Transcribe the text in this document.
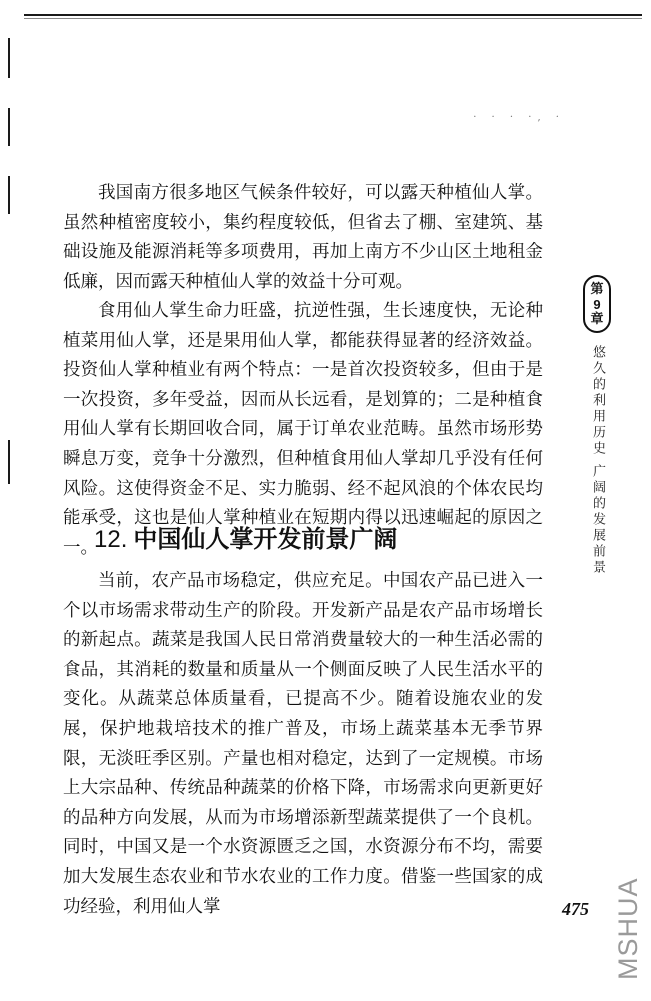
· · · ·, ·

我国南方很多地区气候条件较好，可以露天种植仙人掌。虽然种植密度较小，集约程度较低，但省去了棚、室建筑、基础设施及能源消耗等多项费用，再加上南方不少山区土地租金低廉，因而露天种植仙人掌的效益十分可观。

食用仙人掌生命力旺盛，抗逆性强，生长速度快，无论种植菜用仙人掌，还是果用仙人掌，都能获得显著的经济效益。投资仙人掌种植业有两个特点：一是首次投资较多，但由于是一次投资，多年受益，因而从长远看，是划算的；二是种植食用仙人掌有长期回收合同，属于订单农业范畴。虽然市场形势瞬息万变，竞争十分激烈，但种植食用仙人掌却几乎没有任何风险。这使得资金不足、实力脆弱、经不起风浪的个体农民均能承受，这也是仙人掌种植业在短期内得以迅速崛起的原因之一。

12. 中国仙人掌开发前景广阔

当前，农产品市场稳定，供应充足。中国农产品已进入一个以市场需求带动生产的阶段。开发新产品是农产品市场增长的新起点。蔬菜是我国人民日常消费量较大的一种生活必需的食品，其消耗的数量和质量从一个侧面反映了人民生活水平的变化。从蔬菜总体质量看，已提高不少。随着设施农业的发展，保护地栽培技术的推广普及，市场上蔬菜基本无季节界限，无淡旺季区别。产量也相对稳定，达到了一定规模。市场上大宗品种、传统品种蔬菜的价格下降，市场需求向更新更好的品种方向发展，从而为市场增添新型蔬菜提供了一个良机。同时，中国又是一个水资源匮乏之国，水资源分布不均，需要加大发展生态农业和节水农业的工作力度。借鉴一些国家的成功经验，利用仙人掌

第
9
章

悠久的利用历史 广阔的发展前景

475 MSHUA
